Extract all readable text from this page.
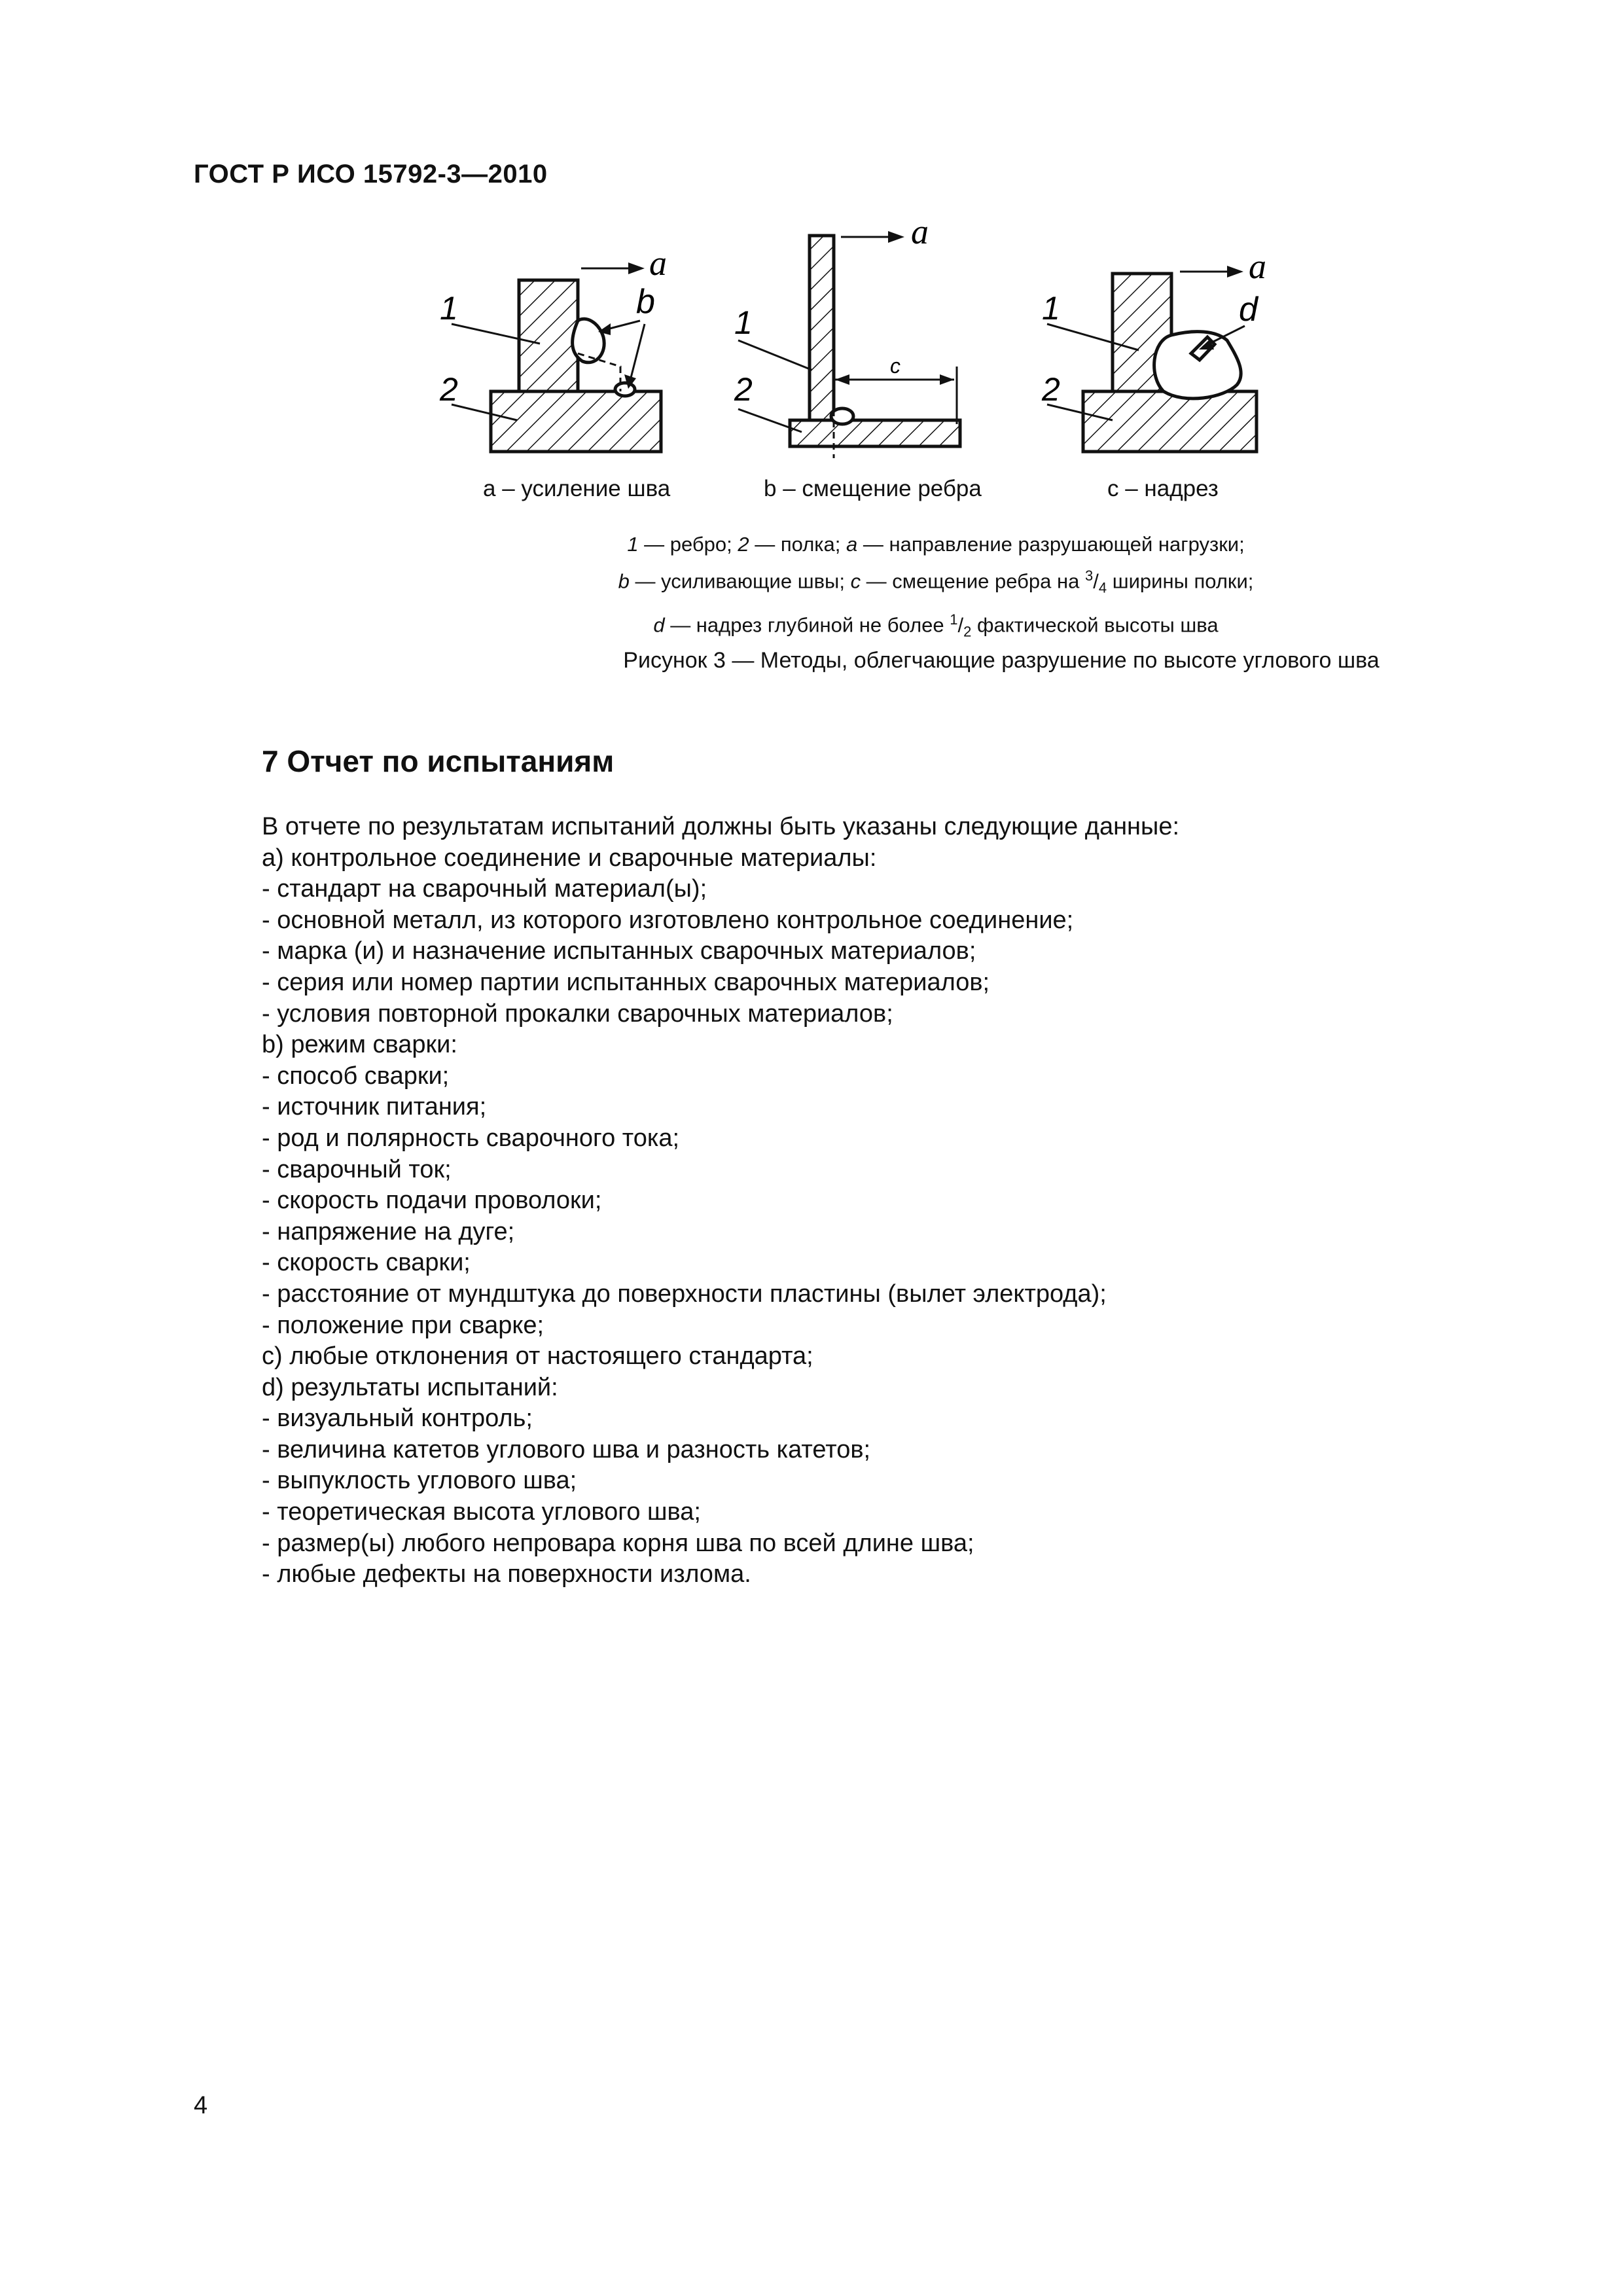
ГОСТ Р ИСО 15792-3—2010
1
2
a
b
1
2
a
c
1
2
a
d
a – усиление шва	b – смещение ребра	c – надрез
1 — ребро; 2 — полка; a — направление разрушающей нагрузки;
b — усиливающие швы; c — смещение ребра на $^3/_4$ ширины полки;
d — надрез глубиной не более $^1/_2$ фактической высоты шва
Рисунок 3 — Методы, облегчающие разрушение по высоте углового шва
7 Отчет по испытаниям
В отчете по результатам испытаний должны быть указаны следующие данные:
a) контрольное соединение и сварочные материалы:
- стандарт на сварочный материал(ы);
- основной металл, из которого изготовлено контрольное соединение;
- марка (и) и назначение испытанных сварочных материалов;
- серия или номер партии испытанных сварочных материалов;
- условия повторной прокалки сварочных материалов;
b) режим сварки:
- способ сварки;
- источник питания;
- род и полярность сварочного тока;
- сварочный ток;
- скорость подачи проволоки;
- напряжение на дуге;
- скорость сварки;
- расстояние от мундштука до поверхности пластины (вылет электрода);
- положение при сварке;
c) любые отклонения от настоящего стандарта;
d) результаты испытаний:
- визуальный контроль;
- величина катетов углового шва и разность катетов;
- выпуклость углового шва;
- теоретическая высота углового шва;
- размер(ы) любого непровара корня шва по всей длине шва;
- любые дефекты на поверхности излома.
4
